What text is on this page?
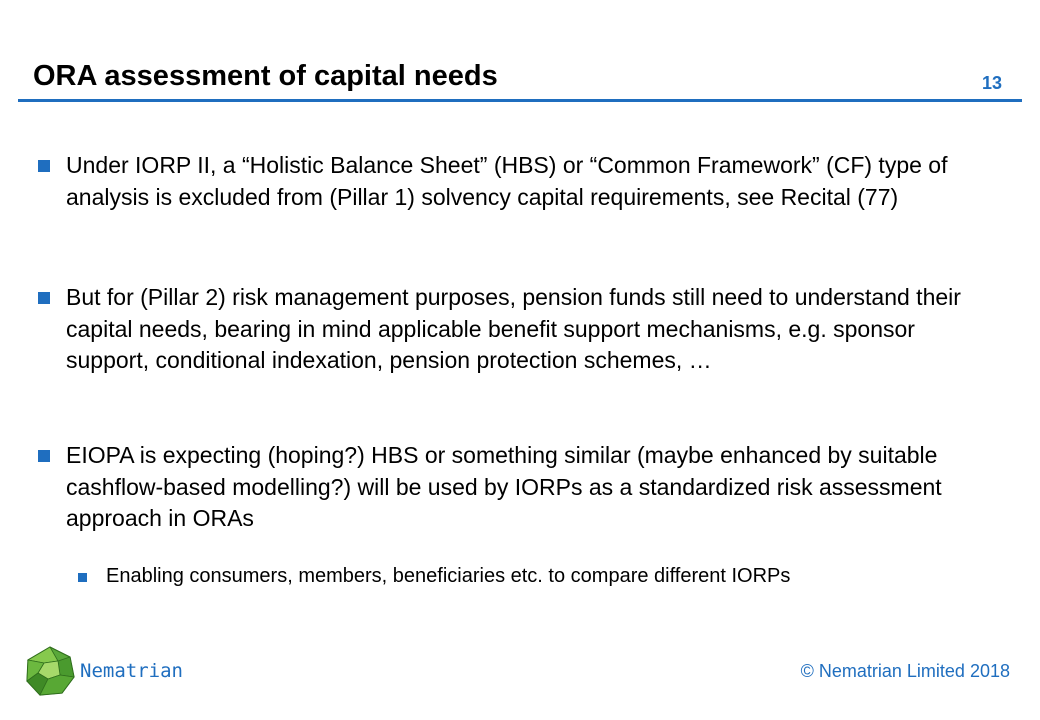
ORA assessment of capital needs	13
Under IORP II, a “Holistic Balance Sheet” (HBS) or “Common Framework” (CF) type of analysis is excluded from (Pillar 1) solvency capital requirements, see Recital (77)
But for (Pillar 2) risk management purposes, pension funds still need to understand their capital needs, bearing in mind applicable benefit support mechanisms, e.g. sponsor support, conditional indexation, pension protection schemes, …
EIOPA is expecting (hoping?) HBS or something similar (maybe enhanced by suitable cashflow-based modelling?) will be used by IORPs as a standardized risk assessment approach in ORAs
Enabling consumers, members, beneficiaries etc. to compare different IORPs
Nematrian	© Nematrian Limited 2018
